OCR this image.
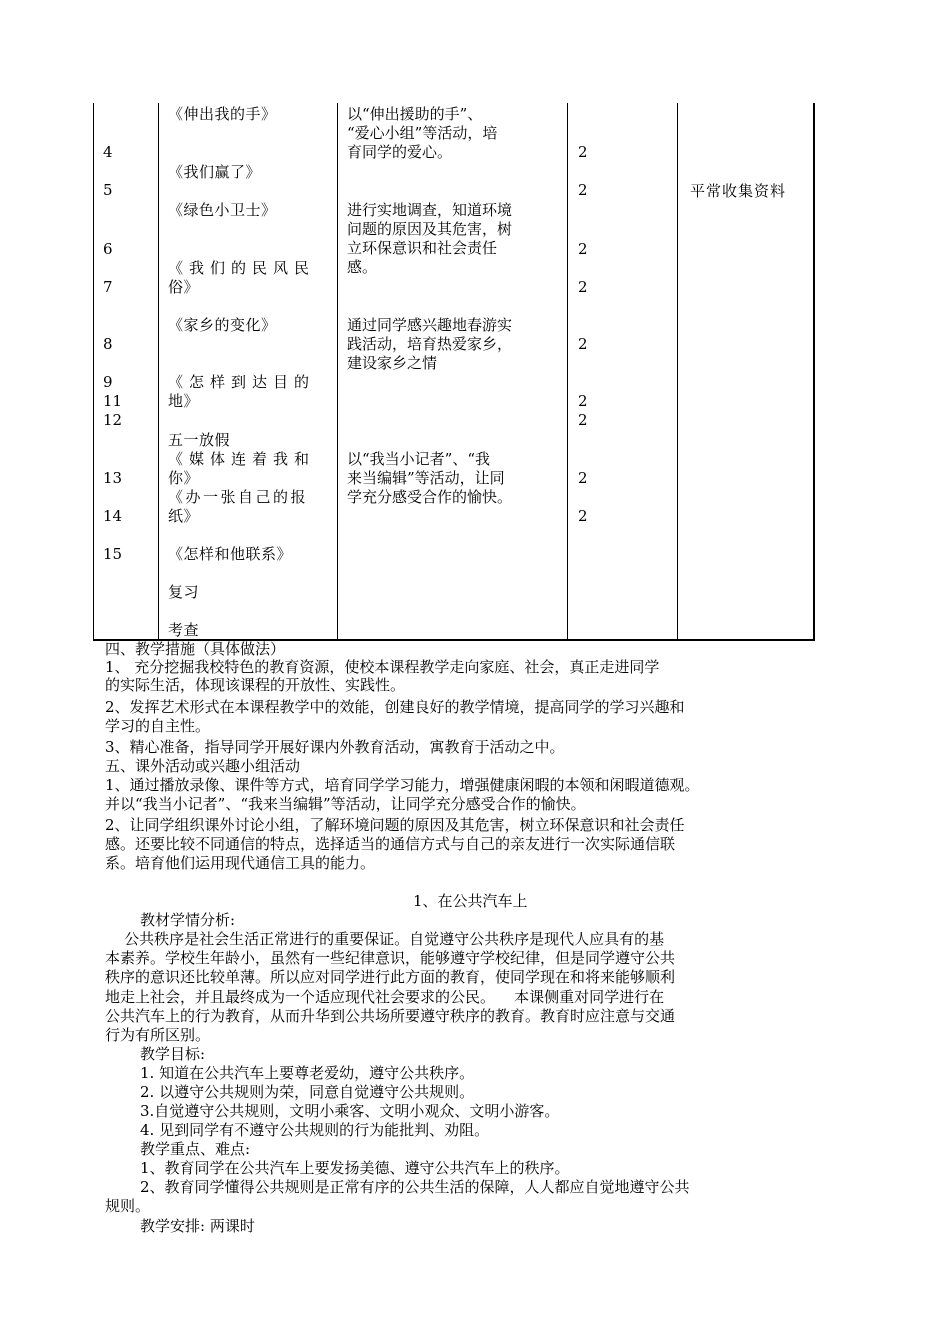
4
5
6
7
8
9
11
12
13
14
15
《伸出我的手》
《我们赢了》
《绿色小卫士》
《我们的民风民
俗》
《家乡的变化》
《怎样到达目的
地》
五一放假
《媒体连着我和
你》
《办一张自己的报
纸》
《怎样和他联系》
复习
考查
以“伸出援助的手”、
“爱心小组”等活动，培
育同学的爱心。
进行实地调查，知道环境
问题的原因及其危害，树
立环保意识和社会责任
感。
通过同学感兴趣地春游实
践活动，培育热爱家乡，
建设家乡之情
以“我当小记者”、“我
来当编辑”等活动，让同
学充分感受合作的愉快。
2
2
2
2
2
2
2
2
2
平常收集资料
四、教学措施（具体做法）
1、 充分挖掘我校特色的教育资源，使校本课程教学走向家庭、社会，真正走进同学
的实际生活，体现该课程的开放性、实践性。
2、发挥艺术形式在本课程教学中的效能，创建良好的教学情境，提高同学的学习兴趣和
学习的自主性。
3、精心准备，指导同学开展好课内外教育活动，寓教育于活动之中。
五、课外活动或兴趣小组活动
1、通过播放录像、课件等方式，培育同学学习能力，增强健康闲暇的本领和闲暇道德观。
并以“我当小记者”、“我来当编辑”等活动，让同学充分感受合作的愉快。
2、让同学组织课外讨论小组，了解环境问题的原因及其危害，树立环保意识和社会责任
感。还要比较不同通信的特点，选择适当的通信方式与自己的亲友进行一次实际通信联
系。培育他们运用现代通信工具的能力。
1、在公共汽车上
教材学情分析:
公共秩序是社会生活正常进行的重要保证。自觉遵守公共秩序是现代人应具有的基
本素养。学校生年龄小，虽然有一些纪律意识，能够遵守学校纪律，但是同学遵守公共
秩序的意识还比较单薄。所以应对同学进行此方面的教育，使同学现在和将来能够顺利
地走上社会，并且最终成为一个适应现代社会要求的公民。    本课侧重对同学进行在
公共汽车上的行为教育，从而升华到公共场所要遵守秩序的教育。教育时应注意与交通
行为有所区别。
教学目标:
1. 知道在公共汽车上要尊老爱幼，遵守公共秩序。
2. 以遵守公共规则为荣，同意自觉遵守公共规则。
3.自觉遵守公共规则，文明小乘客、文明小观众、文明小游客。
4. 见到同学有不遵守公共规则的行为能批判、劝阻。
教学重点、难点:
1、教育同学在公共汽车上要发扬美德、遵守公共汽车上的秩序。
2、教育同学懂得公共规则是正常有序的公共生活的保障，人人都应自觉地遵守公共
规则。
教学安排: 两课时
